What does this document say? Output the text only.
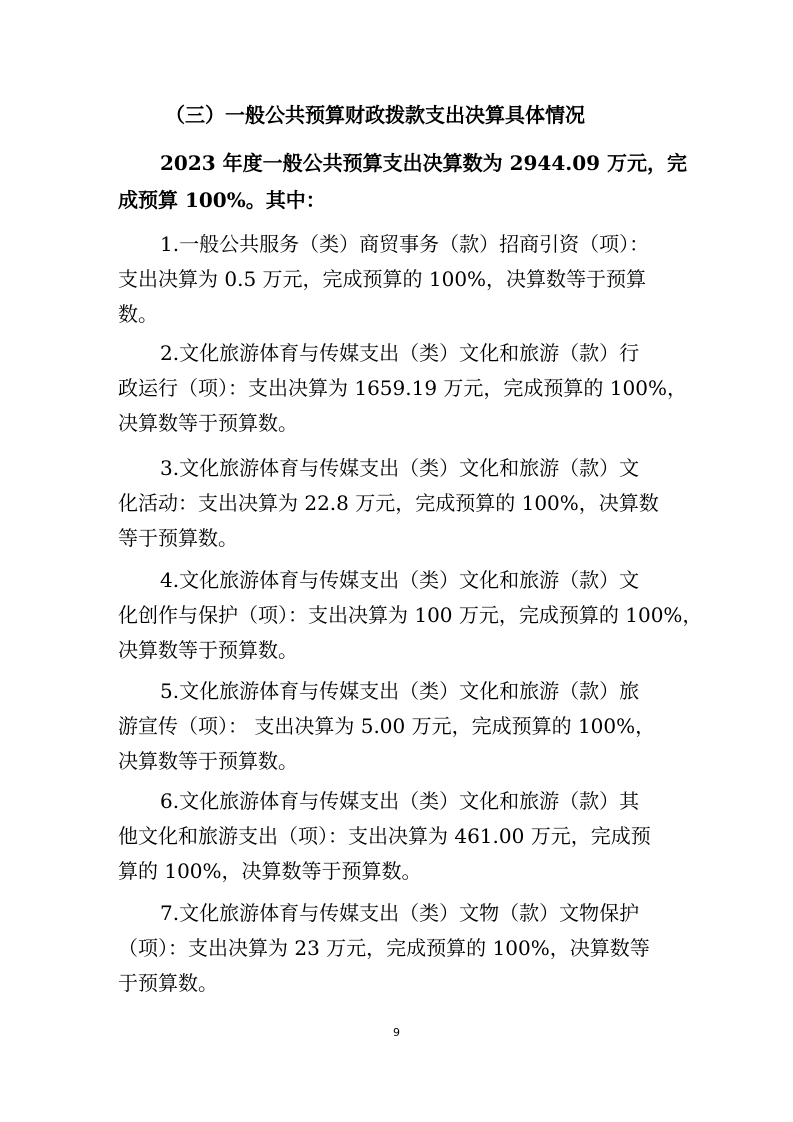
（三）一般公共预算财政拨款支出决算具体情况

2023 年度一般公共预算支出决算数为 2944.09 万元，完

成预算 100%。其中：

1.一般公共服务（类）商贸事务（款）招商引资（项）：

支出决算为 0.5 万元，完成预算的 100%，决算数等于预算

数。

2.文化旅游体育与传媒支出（类）文化和旅游（款）行

政运行（项）：支出决算为 1659.19 万元，完成预算的 100%，

决算数等于预算数。

3.文化旅游体育与传媒支出（类）文化和旅游（款）文

化活动：支出决算为 22.8 万元，完成预算的 100%，决算数

等于预算数。

4.文化旅游体育与传媒支出（类）文化和旅游（款）文

化创作与保护（项）：支出决算为 100 万元，完成预算的 100%，

决算数等于预算数。

5.文化旅游体育与传媒支出（类）文化和旅游（款）旅

游宣传（项）： 支出决算为 5.00 万元，完成预算的 100%，

决算数等于预算数。

6.文化旅游体育与传媒支出（类）文化和旅游（款）其

他文化和旅游支出（项）：支出决算为 461.00 万元，完成预

算的 100%，决算数等于预算数。

7.文化旅游体育与传媒支出（类）文物（款）文物保护

（项）：支出决算为 23 万元，完成预算的 100%，决算数等

于预算数。

9
